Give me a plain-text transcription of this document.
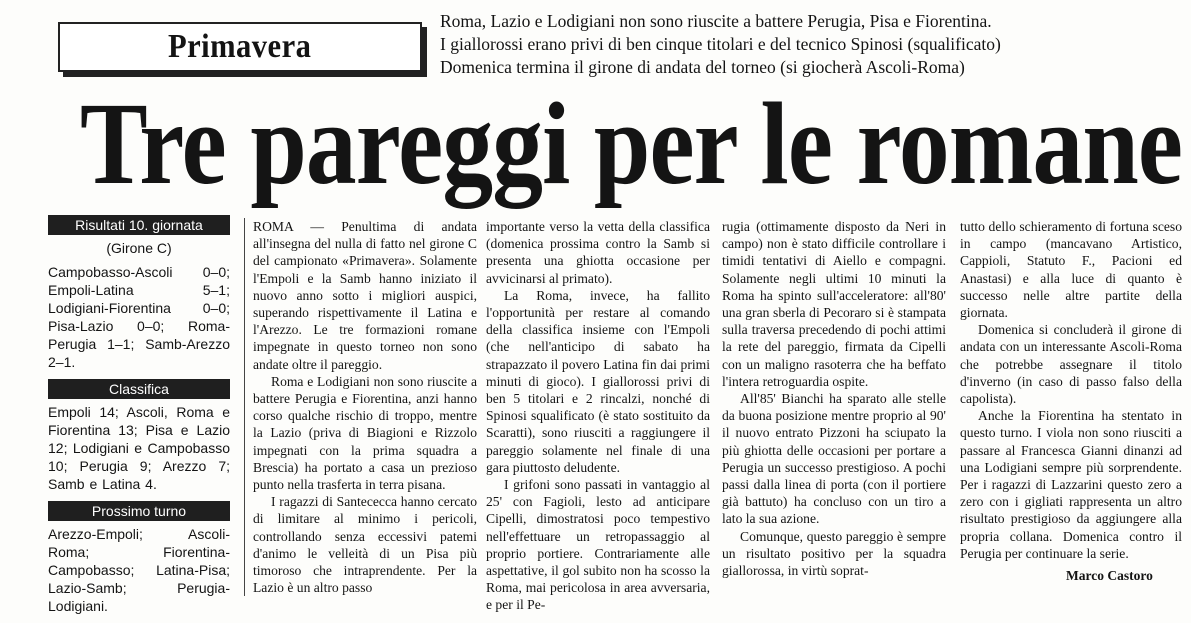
Primavera
Roma, Lazio e Lodigiani non sono riuscite a battere Perugia, Pisa e Fiorentina.
I giallorossi erano privi di ben cinque titolari e del tecnico Spinosi (squalificato)
Domenica termina il girone di andata del torneo (si giocherà Ascoli-Roma)
Tre pareggi per le romane
Risultati 10. giornata
(Girone C)
Campobasso-Ascoli 0–0; Empoli-Latina 5–1; Lodigiani-Fiorentina 0–0; Pisa-Lazio 0–0; Roma-Perugia 1–1; Samb-Arezzo 2–1.
Classifica
Empoli 14; Ascoli, Roma e Fiorentina 13; Pisa e Lazio 12; Lodigiani e Campobasso 10; Perugia 9; Arezzo 7; Samb e Latina 4.
Prossimo turno
Arezzo-Empoli; Ascoli-Roma; Fiorentina-Campobasso; Latina-Pisa; Lazio-Samb; Perugia-Lodigiani.

ROMA — Penultima di andata all'insegna del nulla di fatto nel girone C del campionato «Primavera». Solamente l'Empoli e la Samb hanno iniziato il nuovo anno sotto i migliori auspici, superando rispettivamente il Latina e l'Arezzo. Le tre formazioni romane impegnate in questo torneo non sono andate oltre il pareggio.

Roma e Lodigiani non sono riuscite a battere Perugia e Fiorentina, anzi hanno corso qualche rischio di troppo, mentre la Lazio (priva di Biagioni e Rizzolo impegnati con la prima squadra a Brescia) ha portato a casa un prezioso punto nella trasferta in terra pisana.

I ragazzi di Santececca hanno cercato di limitare al minimo i pericoli, controllando senza eccessivi patemi d'animo le velleità di un Pisa più timoroso che intraprendente. Per la Lazio è un altro passo

importante verso la vetta della classifica (domenica prossima contro la Samb si presenta una ghiotta occasione per avvicinarsi al primato).

La Roma, invece, ha fallito l'opportunità per restare al comando della classifica insieme con l'Empoli (che nell'anticipo di sabato ha strapazzato il povero Latina fin dai primi minuti di gioco). I giallorossi privi di ben 5 titolari e 2 rincalzi, nonché di Spinosi squalificato (è stato sostituito da Scaratti), sono riusciti a raggiungere il pareggio solamente nel finale di una gara piuttosto deludente.

I grifoni sono passati in vantaggio al 25' con Fagioli, lesto ad anticipare Cipelli, dimostratosi poco tempestivo nell'effettuare un retropassaggio al proprio portiere. Contrariamente alle aspettative, il gol subito non ha scosso la Roma, mai pericolosa in area avversaria, e per il Pe-

rugia (ottimamente disposto da Neri in campo) non è stato difficile controllare i timidi tentativi di Aiello e compagni. Solamente negli ultimi 10 minuti la Roma ha spinto sull'acceleratore: all'80' una gran sberla di Pecoraro si è stampata sulla traversa precedendo di pochi attimi la rete del pareggio, firmata da Cipelli con un maligno rasoterra che ha beffato l'intera retroguardia ospite.

All'85' Bianchi ha sparato alle stelle da buona posizione mentre proprio al 90' il nuovo entrato Pizzoni ha sciupato la più ghiotta delle occasioni per portare a Perugia un successo prestigioso. A pochi passi dalla linea di porta (con il portiere già battuto) ha concluso con un tiro a lato la sua azione.

Comunque, questo pareggio è sempre un risultato positivo per la squadra giallorossa, in virtù soprat-

tutto dello schieramento di fortuna sceso in campo (mancavano Artistico, Cappioli, Statuto F., Pacioni ed Anastasi) e alla luce di quanto è successo nelle altre partite della giornata.

Domenica si concluderà il girone di andata con un interessante Ascoli-Roma che potrebbe assegnare il titolo d'inverno (in caso di passo falso della capolista).

Anche la Fiorentina ha stentato in questo turno. I viola non sono riusciti a passare al Francesca Gianni dinanzi ad una Lodigiani sempre più sorprendente. Per i ragazzi di Lazzarini questo zero a zero con i gigliati rappresenta un altro risultato prestigioso da aggiungere alla propria collana. Domenica contro il Perugia per continuare la serie.

Marco Castoro
